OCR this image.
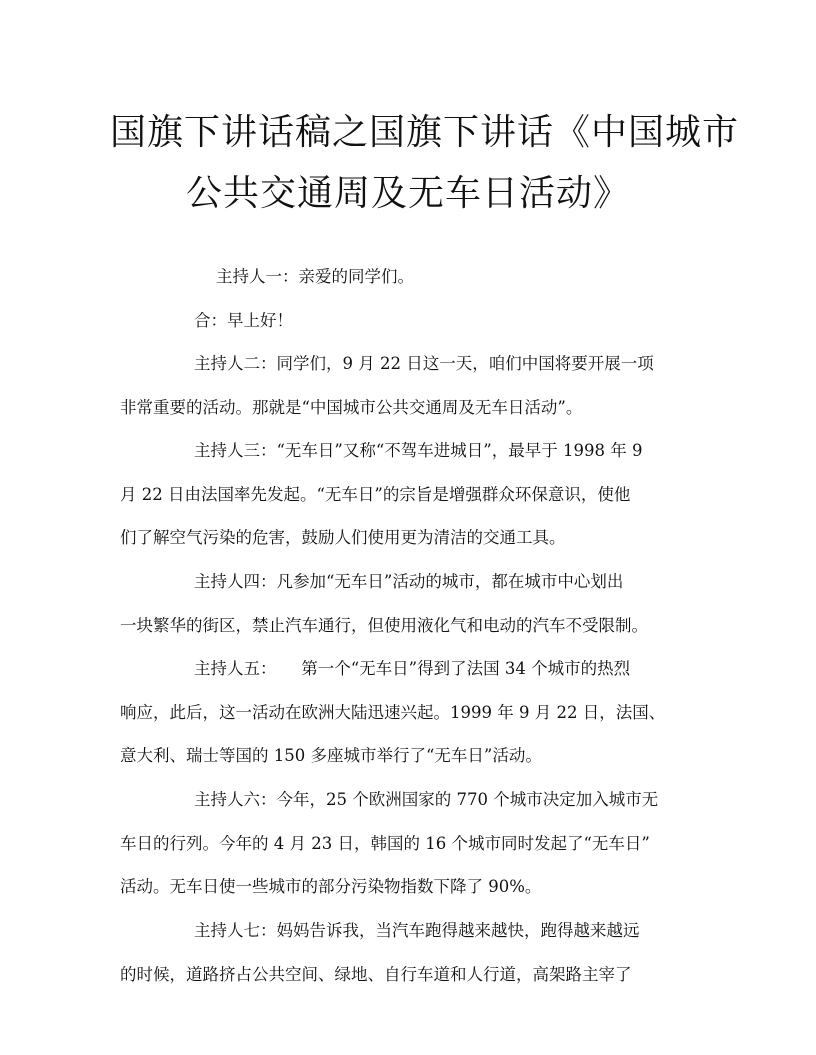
国旗下讲话稿之国旗下讲话《中国城市
公共交通周及无车日活动》
主持人一：亲爱的同学们。
合：早上好！
主持人二：同学们，9 月 22 日这一天，咱们中国将要开展一项
非常重要的活动。那就是“中国城市公共交通周及无车日活动”。
主持人三：“无车日”又称“不驾车进城日”，最早于 1998 年 9
月 22 日由法国率先发起。“无车日”的宗旨是增强群众环保意识，使他
们了解空气污染的危害，鼓励人们使用更为清洁的交通工具。
主持人四：凡参加“无车日”活动的城市，都在城市中心划出
一块繁华的街区，禁止汽车通行，但使用液化气和电动的汽车不受限制。
主持人五：　　第一个“无车日”得到了法国 34 个城市的热烈
响应，此后，这一活动在欧洲大陆迅速兴起。1999 年 9 月 22 日，法国、
意大利、瑞士等国的 150 多座城市举行了“无车日”活动。
主持人六：今年，25 个欧洲国家的 770 个城市决定加入城市无
车日的行列。今年的 4 月 23 日，韩国的 16 个城市同时发起了“无车日”
活动。无车日使一些城市的部分污染物指数下降了 90%。
主持人七：妈妈告诉我，当汽车跑得越来越快，跑得越来越远
的时候，道路挤占公共空间、绿地、自行车道和人行道，高架路主宰了
